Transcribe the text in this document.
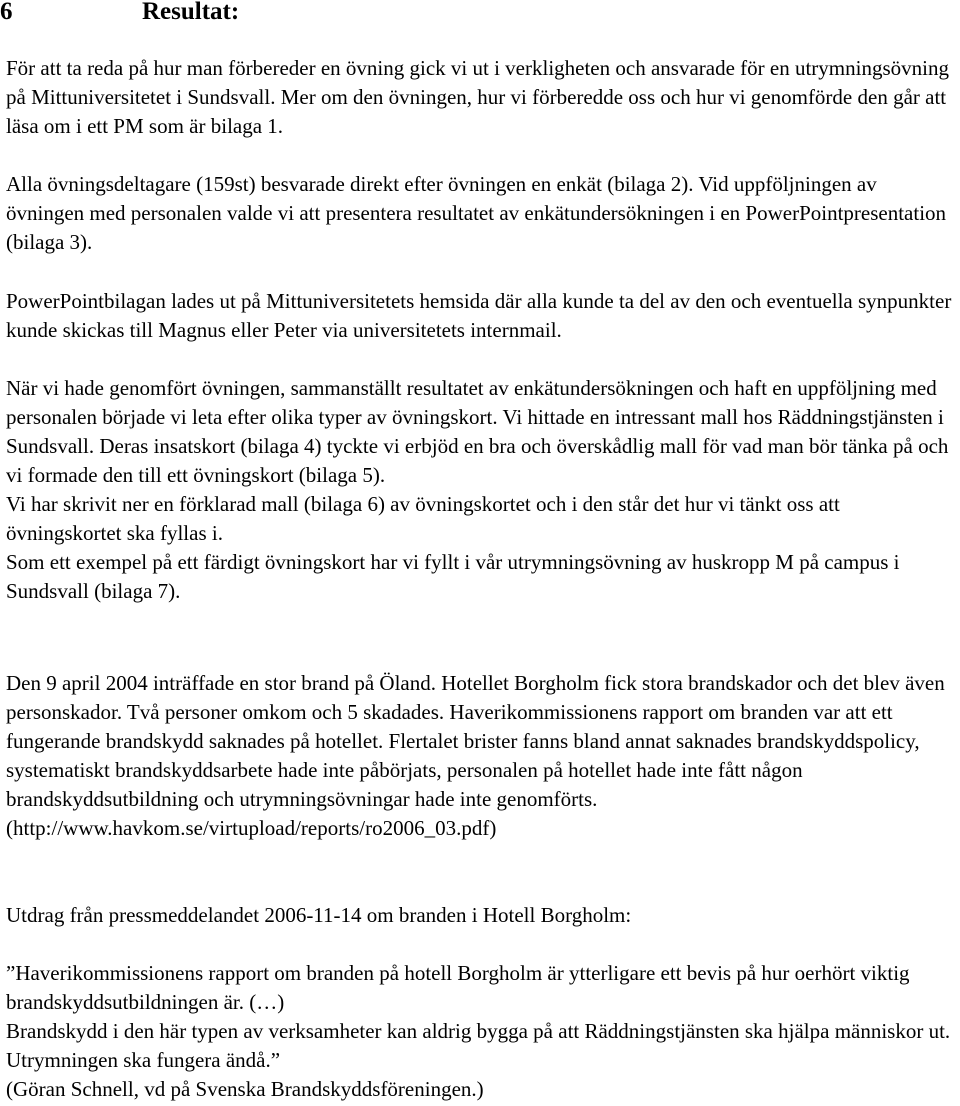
6	Resultat:

För att ta reda på hur man förbereder en övning gick vi ut i verkligheten och ansvarade för en utrymningsövning på Mittuniversitetet i Sundsvall. Mer om den övningen, hur vi förberedde oss och hur vi genomförde den går att läsa om i ett PM som är bilaga 1.

Alla övningsdeltagare (159st) besvarade direkt efter övningen en enkät (bilaga 2). Vid uppföljningen av övningen med personalen valde vi att presentera resultatet av enkätundersökningen i en PowerPointpresentation (bilaga 3).

PowerPointbilagan lades ut på Mittuniversitetets hemsida där alla kunde ta del av den och eventuella synpunkter kunde skickas till Magnus eller Peter via universitetets internmail.

När vi hade genomfört övningen, sammanställt resultatet av enkätundersökningen och haft en uppföljning med personalen började vi leta efter olika typer av övningskort. Vi hittade en intressant mall hos Räddningstjänsten i Sundsvall. Deras insatskort (bilaga 4) tyckte vi erbjöd en bra och överskådlig mall för vad man bör tänka på och vi formade den till ett övningskort (bilaga 5).

Vi har skrivit ner en förklarad mall (bilaga 6) av övningskortet och i den står det hur vi tänkt oss att övningskortet ska fyllas i.

Som ett exempel på ett färdigt övningskort har vi fyllt i vår utrymningsövning av huskropp M på campus i Sundsvall (bilaga 7).

Den 9 april 2004 inträffade en stor brand på Öland. Hotellet Borgholm fick stora brandskador och det blev även personskador. Två personer omkom och 5 skadades. Haverikommissionens rapport om branden var att ett fungerande brandskydd saknades på hotellet. Flertalet brister fanns bland annat saknades brandskyddspolicy, systematiskt brandskyddsarbete hade inte påbörjats, personalen på hotellet hade inte fått någon brandskyddsutbildning och utrymningsövningar hade inte genomförts.

(http://www.havkom.se/virtupload/reports/ro2006_03.pdf)

Utdrag från pressmeddelandet 2006-11-14 om branden i Hotell Borgholm:

”Haverikommissionens rapport om branden på hotell Borgholm är ytterligare ett bevis på hur oerhört viktig brandskyddsutbildningen är. (…)

Brandskydd i den här typen av verksamheter kan aldrig bygga på att Räddningstjänsten ska hjälpa människor ut. Utrymningen ska fungera ändå.”

(Göran Schnell, vd på Svenska Brandskyddsföreningen.)
